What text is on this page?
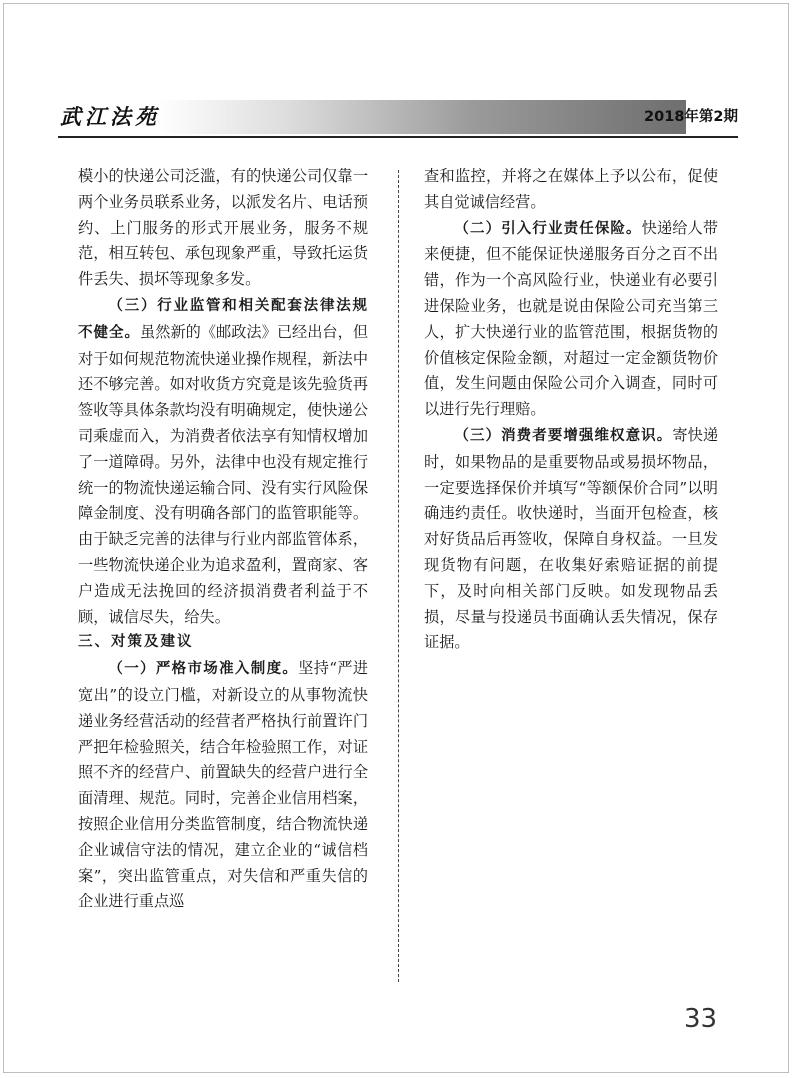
武江法苑	2018年第2期

模小的快递公司泛滥，有的快递公司仅靠一两个业务员联系业务，以派发名片、电话预约、上门服务的形式开展业务，服务不规范，相互转包、承包现象严重，导致托运货件丢失、损坏等现象多发。

（三）行业监管和相关配套法律法规不健全。虽然新的《邮政法》已经出台，但对于如何规范物流快递业操作规程，新法中还不够完善。如对收货方究竟是该先验货再签收等具体条款均没有明确规定，使快递公司乘虚而入，为消费者依法享有知情权增加了一道障碍。另外，法律中也没有规定推行统一的物流快递运输合同、没有实行风险保障金制度、没有明确各部门的监管职能等。由于缺乏完善的法律与行业内部监管体系，一些物流快递企业为追求盈利，置商家、客户造成无法挽回的经济损消费者利益于不顾，诚信尽失，给失。

三、对策及建议

（一）严格市场准入制度。坚持“严进宽出”的设立门槛，对新设立的从事物流快递业务经营活动的经营者严格执行前置许门严把年检验照关，结合年检验照工作，对证照不齐的经营户、前置缺失的经营户进行全面清理、规范。同时，完善企业信用档案，按照企业信用分类监管制度，结合物流快递企业诚信守法的情况，建立企业的“诚信档案”，突出监管重点，对失信和严重失信的企业进行重点巡

查和监控，并将之在媒体上予以公布，促使其自觉诚信经营。

（二）引入行业责任保险。快递给人带来便捷，但不能保证快递服务百分之百不出错，作为一个高风险行业，快递业有必要引进保险业务，也就是说由保险公司充当第三人，扩大快递行业的监管范围，根据货物的价值核定保险金额，对超过一定金额货物价值，发生问题由保险公司介入调查，同时可以进行先行理赔。

（三）消费者要增强维权意识。寄快递时，如果物品的是重要物品或易损坏物品，一定要选择保价并填写“等额保价合同”以明确违约责任。收快递时，当面开包检查，核对好货品后再签收，保障自身权益。一旦发现货物有问题，在收集好索赔证据的前提下，及时向相关部门反映。如发现物品丢损，尽量与投递员书面确认丢失情况，保存证据。

33
